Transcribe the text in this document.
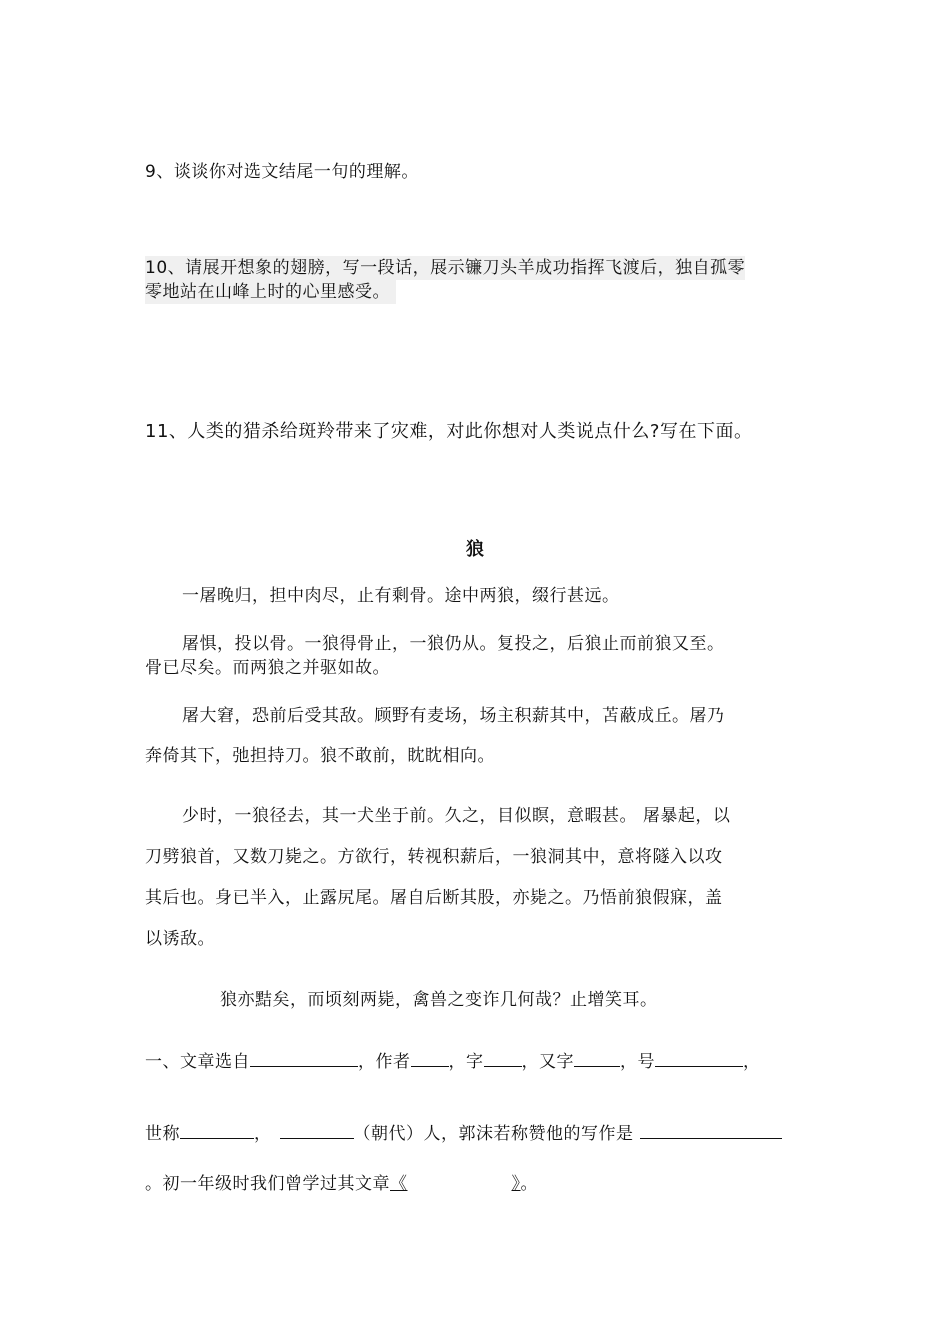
9、谈谈你对选文结尾一句的理解。
10、请展开想象的翅膀，写一段话，展示镰刀头羊成功指挥飞渡后，独自孤零
零地站在山峰上时的心里感受。
11、人类的猎杀给斑羚带来了灾难，对此你想对人类说点什么?写在下面。
狼
一屠晚归，担中肉尽，止有剩骨。途中两狼，缀行甚远。
屠惧，投以骨。一狼得骨止，一狼仍从。复投之，后狼止而前狼又至。
骨已尽矣。而两狼之并驱如故。
屠大窘，恐前后受其敌。顾野有麦场，场主积薪其中，苫蔽成丘。屠乃
奔倚其下，弛担持刀。狼不敢前，眈眈相向。
少时，一狼径去，其一犬坐于前。久之，目似瞑，意暇甚。 屠暴起，以
刀劈狼首，又数刀毙之。方欲行，转视积薪后，一狼洞其中，意将隧入以攻
其后也。身已半入，止露尻尾。屠自后断其股，亦毙之。乃悟前狼假寐，盖
以诱敌。
狼亦黠矣，而顷刻两毙，禽兽之变诈几何哉？止增笑耳。
一、文章选自	，作者 ，字 ，又字	，号	，
世称	，	（朝代）人，郭沫若称赞他的写作是
。初一年级时我们曾学过其文章《	》。
